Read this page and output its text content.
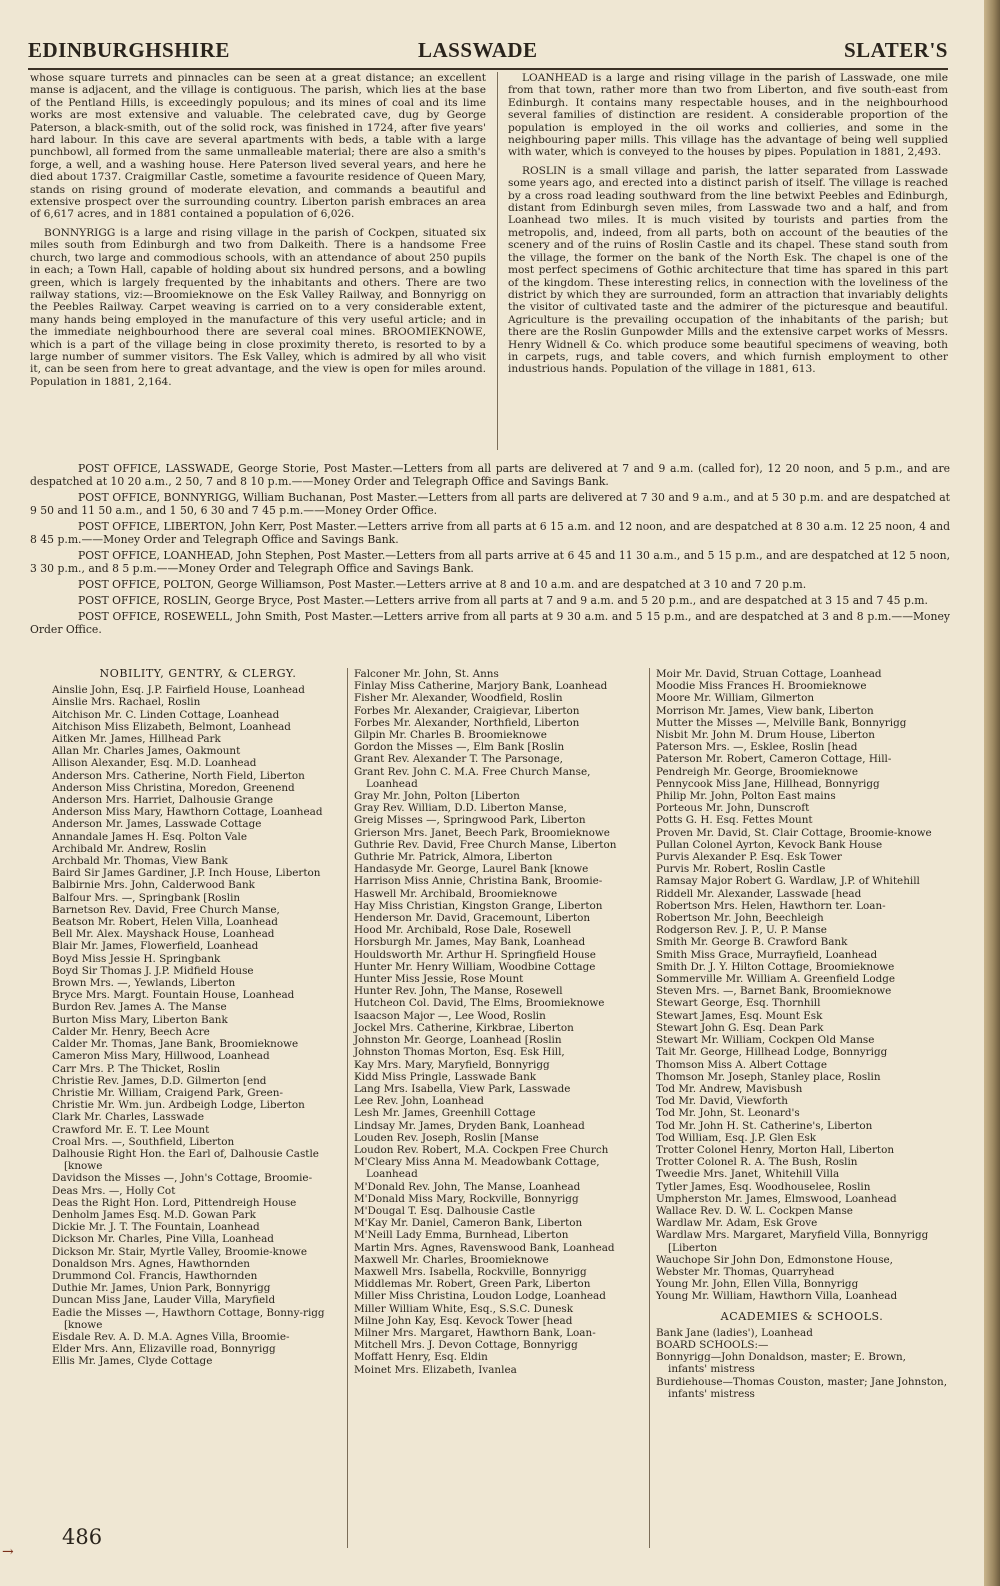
EDINBURGHSHIRE	LASSWADE	SLATER'S

whose square turrets and pinnacles can be seen at a great distance; an excellent manse is adjacent, and the village is contiguous. The parish, which lies at the base of the Pentland Hills, is exceedingly populous; and its mines of coal and its lime works are most extensive and valuable. The celebrated cave, dug by George Paterson, a black-smith, out of the solid rock, was finished in 1724, after five years' hard labour. In this cave are several apartments with beds, a table with a large punchbowl, all formed from the same unmalleable material; there are also a smith's forge, a well, and a washing house. Here Paterson lived several years, and here he died about 1737. Craigmillar Castle, sometime a favourite residence of Queen Mary, stands on rising ground of moderate elevation, and commands a beautiful and extensive prospect over the surrounding country. Liberton parish embraces an area of 6,617 acres, and in 1881 contained a population of 6,026.

BONNYRIGG is a large and rising village in the parish of Cockpen, situated six miles south from Edinburgh and two from Dalkeith. There is a handsome Free church, two large and commodious schools, with an attendance of about 250 pupils in each; a Town Hall, capable of holding about six hundred persons, and a bowling green, which is largely frequented by the inhabitants and others. There are two railway stations, viz:—Broomieknowe on the Esk Valley Railway, and Bonnyrigg on the Peebles Railway. Carpet weaving is carried on to a very considerable extent, many hands being employed in the manufacture of this very useful article; and in the immediate neighbourhood there are several coal mines. BROOMIEKNOWE, which is a part of the village being in close proximity thereto, is resorted to by a large number of summer visitors. The Esk Valley, which is admired by all who visit it, can be seen from here to great advantage, and the view is open for miles around. Population in 1881, 2,164.

LOANHEAD is a large and rising village in the parish of Lasswade, one mile from that town, rather more than two from Liberton, and five south-east from Edinburgh. It contains many respectable houses, and in the neighbourhood several families of distinction are resident. A considerable proportion of the population is employed in the oil works and collieries, and some in the neighbouring paper mills. This village has the advantage of being well supplied with water, which is conveyed to the houses by pipes. Population in 1881, 2,493.

ROSLIN is a small village and parish, the latter separated from Lasswade some years ago, and erected into a distinct parish of itself. The village is reached by a cross road leading southward from the line betwixt Peebles and Edinburgh, distant from Edinburgh seven miles, from Lasswade two and a half, and from Loanhead two miles. It is much visited by tourists and parties from the metropolis, and, indeed, from all parts, both on account of the beauties of the scenery and of the ruins of Roslin Castle and its chapel. These stand south from the village, the former on the bank of the North Esk. The chapel is one of the most perfect specimens of Gothic architecture that time has spared in this part of the kingdom. These interesting relics, in connection with the loveliness of the district by which they are surrounded, form an attraction that invariably delights the visitor of cultivated taste and the admirer of the picturesque and beautiful. Agriculture is the prevailing occupation of the inhabitants of the parish; but there are the Roslin Gunpowder Mills and the extensive carpet works of Messrs. Henry Widnell & Co. which produce some beautiful specimens of weaving, both in carpets, rugs, and table covers, and which furnish employment to other industrious hands. Population of the village in 1881, 613.

POST OFFICE, LASSWADE, George Storie, Post Master.—Letters from all parts are delivered at 7 and 9 a.m. (called for), 12 20 noon, and 5 p.m., and are despatched at 10 20 a.m., 2 50, 7 and 8 10 p.m.——Money Order and Telegraph Office and Savings Bank.

POST OFFICE, BONNYRIGG, William Buchanan, Post Master.—Letters from all parts are delivered at 7 30 and 9 a.m., and at 5 30 p.m. and are despatched at 9 50 and 11 50 a.m., and 1 50, 6 30 and 7 45 p.m.——Money Order Office.

POST OFFICE, LIBERTON, John Kerr, Post Master.—Letters arrive from all parts at 6 15 a.m. and 12 noon, and are despatched at 8 30 a.m. 12 25 noon, 4 and 8 45 p.m.——Money Order and Telegraph Office and Savings Bank.

POST OFFICE, LOANHEAD, John Stephen, Post Master.—Letters from all parts arrive at 6 45 and 11 30 a.m., and 5 15 p.m., and are despatched at 12 5 noon, 3 30 p.m., and 8 5 p.m.——Money Order and Telegraph Office and Savings Bank.

POST OFFICE, POLTON, George Williamson, Post Master.—Letters arrive at 8 and 10 a.m. and are despatched at 3 10 and 7 20 p.m.

POST OFFICE, ROSLIN, George Bryce, Post Master.—Letters arrive from all parts at 7 and 9 a.m. and 5 20 p.m., and are despatched at 3 15 and 7 45 p.m.

POST OFFICE, ROSEWELL, John Smith, Post Master.—Letters arrive from all parts at 9 30 a.m. and 5 15 p.m., and are despatched at 3 and 8 p.m.——Money Order Office.

NOBILITY, GENTRY, & CLERGY.

Ainslie John, Esq. J.P. Fairfield House, Loanhead

Ainslie Mrs. Rachael, Roslin

Aitchison Mr. C. Linden Cottage, Loanhead

Aitchison Miss Elizabeth, Belmont, Loanhead

Aitken Mr. James, Hillhead Park

Allan Mr. Charles James, Oakmount

Allison Alexander, Esq. M.D. Loanhead

Anderson Mrs. Catherine, North Field, Liberton

Anderson Miss Christina, Moredon, Greenend

Anderson Mrs. Harriet, Dalhousie Grange

Anderson Miss Mary, Hawthorn Cottage, Loanhead

Anderson Mr. James, Lasswade Cottage

Annandale James H. Esq. Polton Vale

Archibald Mr. Andrew, Roslin

Archbald Mr. Thomas, View Bank

Baird Sir James Gardiner, J.P. Inch House, Liberton

Balbirnie Mrs. John, Calderwood Bank

Balfour Mrs. —, Springbank [Roslin

Barnetson Rev. David, Free Church Manse,

Beatson Mr. Robert, Helen Villa, Loanhead

Bell Mr. Alex. Mayshack House, Loanhead

Blair Mr. James, Flowerfield, Loanhead

Boyd Miss Jessie H. Springbank

Boyd Sir Thomas J. J.P. Midfield House

Brown Mrs. —, Yewlands, Liberton

Bryce Mrs. Margt. Fountain House, Loanhead

Burdon Rev. James A. The Manse

Burton Miss Mary, Liberton Bank

Calder Mr. Henry, Beech Acre

Calder Mr. Thomas, Jane Bank, Broomieknowe

Cameron Miss Mary, Hillwood, Loanhead

Carr Mrs. P. The Thicket, Roslin

Christie Rev. James, D.D. Gilmerton [end

Christie Mr. William, Craigend Park, Green-

Christie Mr. Wm. jun. Ardbeigh Lodge, Liberton

Clark Mr. Charles, Lasswade

Crawford Mr. E. T. Lee Mount

Croal Mrs. —, Southfield, Liberton

Dalhousie Right Hon. the Earl of, Dalhousie Castle [knowe

Davidson the Misses —, John's Cottage, Broomie-

Deas Mrs. —, Holly Cot

Deas the Right Hon. Lord, Pittendreigh House

Denholm James Esq. M.D. Gowan Park

Dickie Mr. J. T. The Fountain, Loanhead

Dickson Mr. Charles, Pine Villa, Loanhead

Dickson Mr. Stair, Myrtle Valley, Broomie-knowe

Donaldson Mrs. Agnes, Hawthornden

Drummond Col. Francis, Hawthornden

Duthie Mr. James, Union Park, Bonnyrigg

Duncan Miss Jane, Lauder Villa, Maryfield

Eadie the Misses —, Hawthorn Cottage, Bonny-rigg [knowe

Eisdale Rev. A. D. M.A. Agnes Villa, Broomie-

Elder Mrs. Ann, Elizaville road, Bonnyrigg

Ellis Mr. James, Clyde Cottage

Falconer Mr. John, St. Anns

Finlay Miss Catherine, Marjory Bank, Loanhead

Fisher Mr. Alexander, Woodfield, Roslin

Forbes Mr. Alexander, Craigievar, Liberton

Forbes Mr. Alexander, Northfield, Liberton

Gilpin Mr. Charles B. Broomieknowe

Gordon the Misses —, Elm Bank [Roslin

Grant Rev. Alexander T. The Parsonage,

Grant Rev. John C. M.A. Free Church Manse, Loanhead

Gray Mr. John, Polton [Liberton

Gray Rev. William, D.D. Liberton Manse,

Greig Misses —, Springwood Park, Liberton

Grierson Mrs. Janet, Beech Park, Broomieknowe

Guthrie Rev. David, Free Church Manse, Liberton

Guthrie Mr. Patrick, Almora, Liberton

Handasyde Mr. George, Laurel Bank [knowe

Harrison Miss Annie, Christina Bank, Broomie-

Haswell Mr. Archibald, Broomieknowe

Hay Miss Christian, Kingston Grange, Liberton

Henderson Mr. David, Gracemount, Liberton

Hood Mr. Archibald, Rose Dale, Rosewell

Horsburgh Mr. James, May Bank, Loanhead

Houldsworth Mr. Arthur H. Springfield House

Hunter Mr. Henry William, Woodbine Cottage

Hunter Miss Jessie, Rose Mount

Hunter Rev. John, The Manse, Rosewell

Hutcheon Col. David, The Elms, Broomieknowe

Isaacson Major —, Lee Wood, Roslin

Jockel Mrs. Catherine, Kirkbrae, Liberton

Johnston Mr. George, Loanhead [Roslin

Johnston Thomas Morton, Esq. Esk Hill,

Kay Mrs. Mary, Maryfield, Bonnyrigg

Kidd Miss Pringle, Lasswade Bank

Lang Mrs. Isabella, View Park, Lasswade

Lee Rev. John, Loanhead

Lesh Mr. James, Greenhill Cottage

Lindsay Mr. James, Dryden Bank, Loanhead

Louden Rev. Joseph, Roslin [Manse

Loudon Rev. Robert, M.A. Cockpen Free Church

M'Cleary Miss Anna M. Meadowbank Cottage, Loanhead

M'Donald Rev. John, The Manse, Loanhead

M'Donald Miss Mary, Rockville, Bonnyrigg

M'Dougal T. Esq. Dalhousie Castle

M'Kay Mr. Daniel, Cameron Bank, Liberton

M'Neill Lady Emma, Burnhead, Liberton

Martin Mrs. Agnes, Ravenswood Bank, Loanhead

Maxwell Mr. Charles, Broomieknowe

Maxwell Mrs. Isabella, Rockville, Bonnyrigg

Middlemas Mr. Robert, Green Park, Liberton

Miller Miss Christina, Loudon Lodge, Loanhead

Miller William White, Esq., S.S.C. Dunesk

Milne John Kay, Esq. Kevock Tower [head

Milner Mrs. Margaret, Hawthorn Bank, Loan-

Mitchell Mrs. J. Devon Cottage, Bonnyrigg

Moffatt Henry, Esq. Eldin

Moinet Mrs. Elizabeth, Ivanlea

Moir Mr. David, Struan Cottage, Loanhead

Moodie Miss Frances H. Broomieknowe

Moore Mr. William, Gilmerton

Morrison Mr. James, View bank, Liberton

Mutter the Misses —, Melville Bank, Bonnyrigg

Nisbit Mr. John M. Drum House, Liberton

Paterson Mrs. —, Esklee, Roslin [head

Paterson Mr. Robert, Cameron Cottage, Hill-

Pendreigh Mr. George, Broomieknowe

Pennycook Miss Jane, Hillhead, Bonnyrigg

Philip Mr. John, Polton East mains

Porteous Mr. John, Dunscroft

Potts G. H. Esq. Fettes Mount

Proven Mr. David, St. Clair Cottage, Broomie-knowe

Pullan Colonel Ayrton, Kevock Bank House

Purvis Alexander P. Esq. Esk Tower

Purvis Mr. Robert, Roslin Castle

Ramsay Major Robert G. Wardlaw, J.P. of Whitehill

Riddell Mr. Alexander, Lasswade [head

Robertson Mrs. Helen, Hawthorn ter. Loan-

Robertson Mr. John, Beechleigh

Rodgerson Rev. J. P., U. P. Manse

Smith Mr. George B. Crawford Bank

Smith Miss Grace, Murrayfield, Loanhead

Smith Dr. J. Y. Hilton Cottage, Broomieknowe

Sommerville Mr. William A. Greenfield Lodge

Steven Mrs. —, Barnet Bank, Broomieknowe

Stewart George, Esq. Thornhill

Stewart James, Esq. Mount Esk

Stewart John G. Esq. Dean Park

Stewart Mr. William, Cockpen Old Manse

Tait Mr. George, Hillhead Lodge, Bonnyrigg

Thomson Miss A. Albert Cottage

Thomson Mr. Joseph, Stanley place, Roslin

Tod Mr. Andrew, Mavisbush

Tod Mr. David, Viewforth

Tod Mr. John, St. Leonard's

Tod Mr. John H. St. Catherine's, Liberton

Tod William, Esq. J.P. Glen Esk

Trotter Colonel Henry, Morton Hall, Liberton

Trotter Colonel R. A. The Bush, Roslin

Tweedie Mrs. Janet, Whitehill Villa

Tytler James, Esq. Woodhouselee, Roslin

Umpherston Mr. James, Elmswood, Loanhead

Wallace Rev. D. W. L. Cockpen Manse

Wardlaw Mr. Adam, Esk Grove

Wardlaw Mrs. Margaret, Maryfield Villa, Bonnyrigg [Liberton

Wauchope Sir John Don, Edmonstone House,

Webster Mr. Thomas, Quarryhead

Young Mr. John, Ellen Villa, Bonnyrigg

Young Mr. William, Hawthorn Villa, Loanhead

ACADEMIES & SCHOOLS.

Bank Jane (ladies'), Loanhead

BOARD SCHOOLS:—

Bonnyrigg—John Donaldson, master; E. Brown, infants' mistress

Burdiehouse—Thomas Couston, master; Jane Johnston, infants' mistress

486
→
